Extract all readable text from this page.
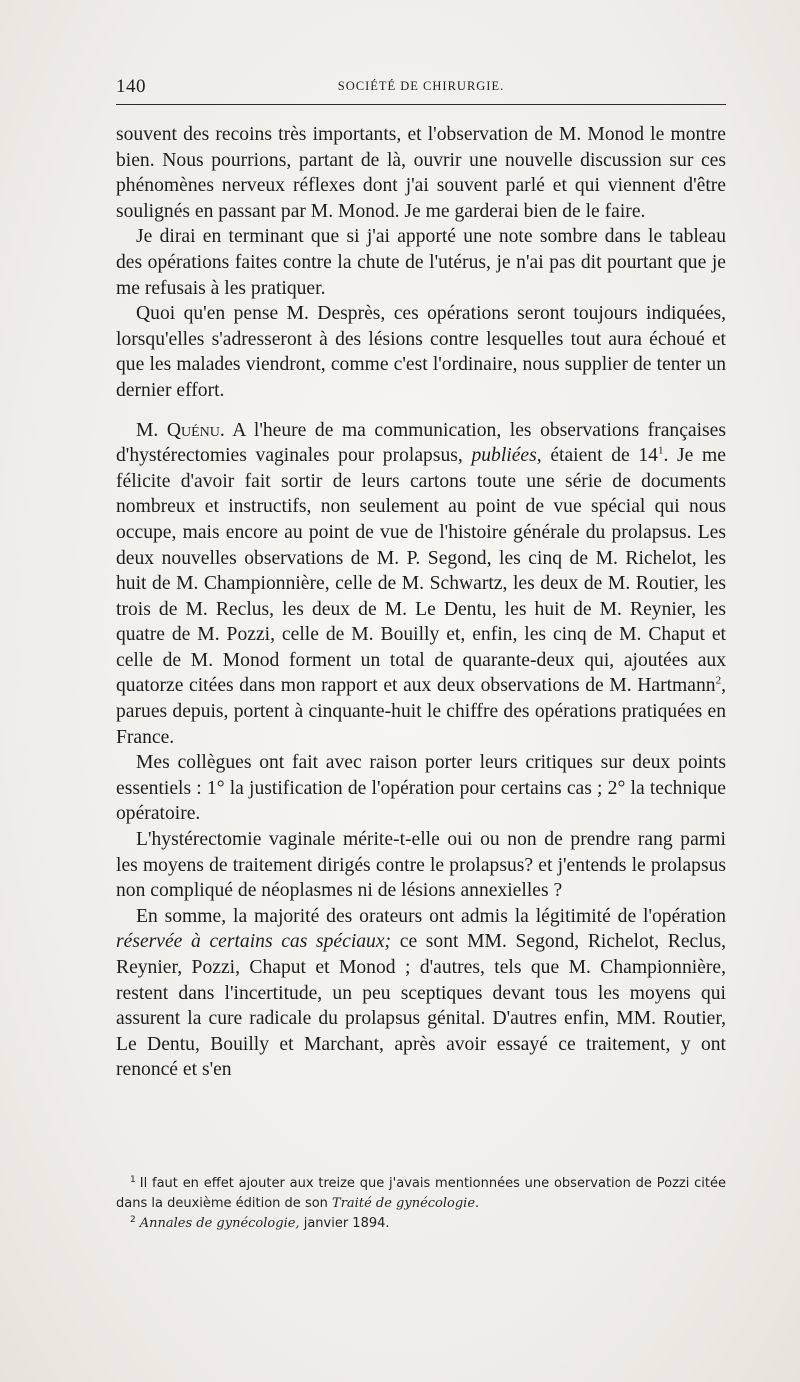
140	SOCIÉTÉ DE CHIRURGIE.

souvent des recoins très importants, et l'observation de M. Monod le montre bien. Nous pourrions, partant de là, ouvrir une nouvelle discussion sur ces phénomènes nerveux réflexes dont j'ai souvent parlé et qui viennent d'être soulignés en passant par M. Monod. Je me garderai bien de le faire.

Je dirai en terminant que si j'ai apporté une note sombre dans le tableau des opérations faites contre la chute de l'utérus, je n'ai pas dit pourtant que je me refusais à les pratiquer.

Quoi qu'en pense M. Desprès, ces opérations seront toujours indiquées, lorsqu'elles s'adresseront à des lésions contre lesquelles tout aura échoué et que les malades viendront, comme c'est l'ordinaire, nous supplier de tenter un dernier effort.

M. Quénu. A l'heure de ma communication, les observations françaises d'hystérectomies vaginales pour prolapsus, publiées, étaient de $14^1$. Je me félicite d'avoir fait sortir de leurs cartons toute une série de documents nombreux et instructifs, non seulement au point de vue spécial qui nous occupe, mais encore au point de vue de l'histoire générale du prolapsus. Les deux nouvelles observations de M. P. Segond, les cinq de M. Richelot, les huit de M. Championnière, celle de M. Schwartz, les deux de M. Routier, les trois de M. Reclus, les deux de M. Le Dentu, les huit de M. Reynier, les quatre de M. Pozzi, celle de M. Bouilly et, enfin, les cinq de M. Chaput et celle de M. Monod forment un total de quarante-deux qui, ajoutées aux quatorze citées dans mon rapport et aux deux observations de M. Hartmann$^2$, parues depuis, portent à cinquante-huit le chiffre des opérations pratiquées en France.

Mes collègues ont fait avec raison porter leurs critiques sur deux points essentiels : 1° la justification de l'opération pour certains cas ; 2° la technique opératoire.

L'hystérectomie vaginale mérite-t-elle oui ou non de prendre rang parmi les moyens de traitement dirigés contre le prolapsus? et j'entends le prolapsus non compliqué de néoplasmes ni de lésions annexielles ?

En somme, la majorité des orateurs ont admis la légitimité de l'opération réservée à certains cas spéciaux; ce sont MM. Segond, Richelot, Reclus, Reynier, Pozzi, Chaput et Monod ; d'autres, tels que M. Championnière, restent dans l'incertitude, un peu sceptiques devant tous les moyens qui assurent la cure radicale du prolapsus génital. D'autres enfin, MM. Routier, Le Dentu, Bouilly et Marchant, après avoir essayé ce traitement, y ont renoncé et s'en

$^1$ Il faut en effet ajouter aux treize que j'avais mentionnées une observation de Pozzi citée dans la deuxième édition de son Traité de gynécologie.

$^2$ Annales de gynécologie, janvier 1894.
